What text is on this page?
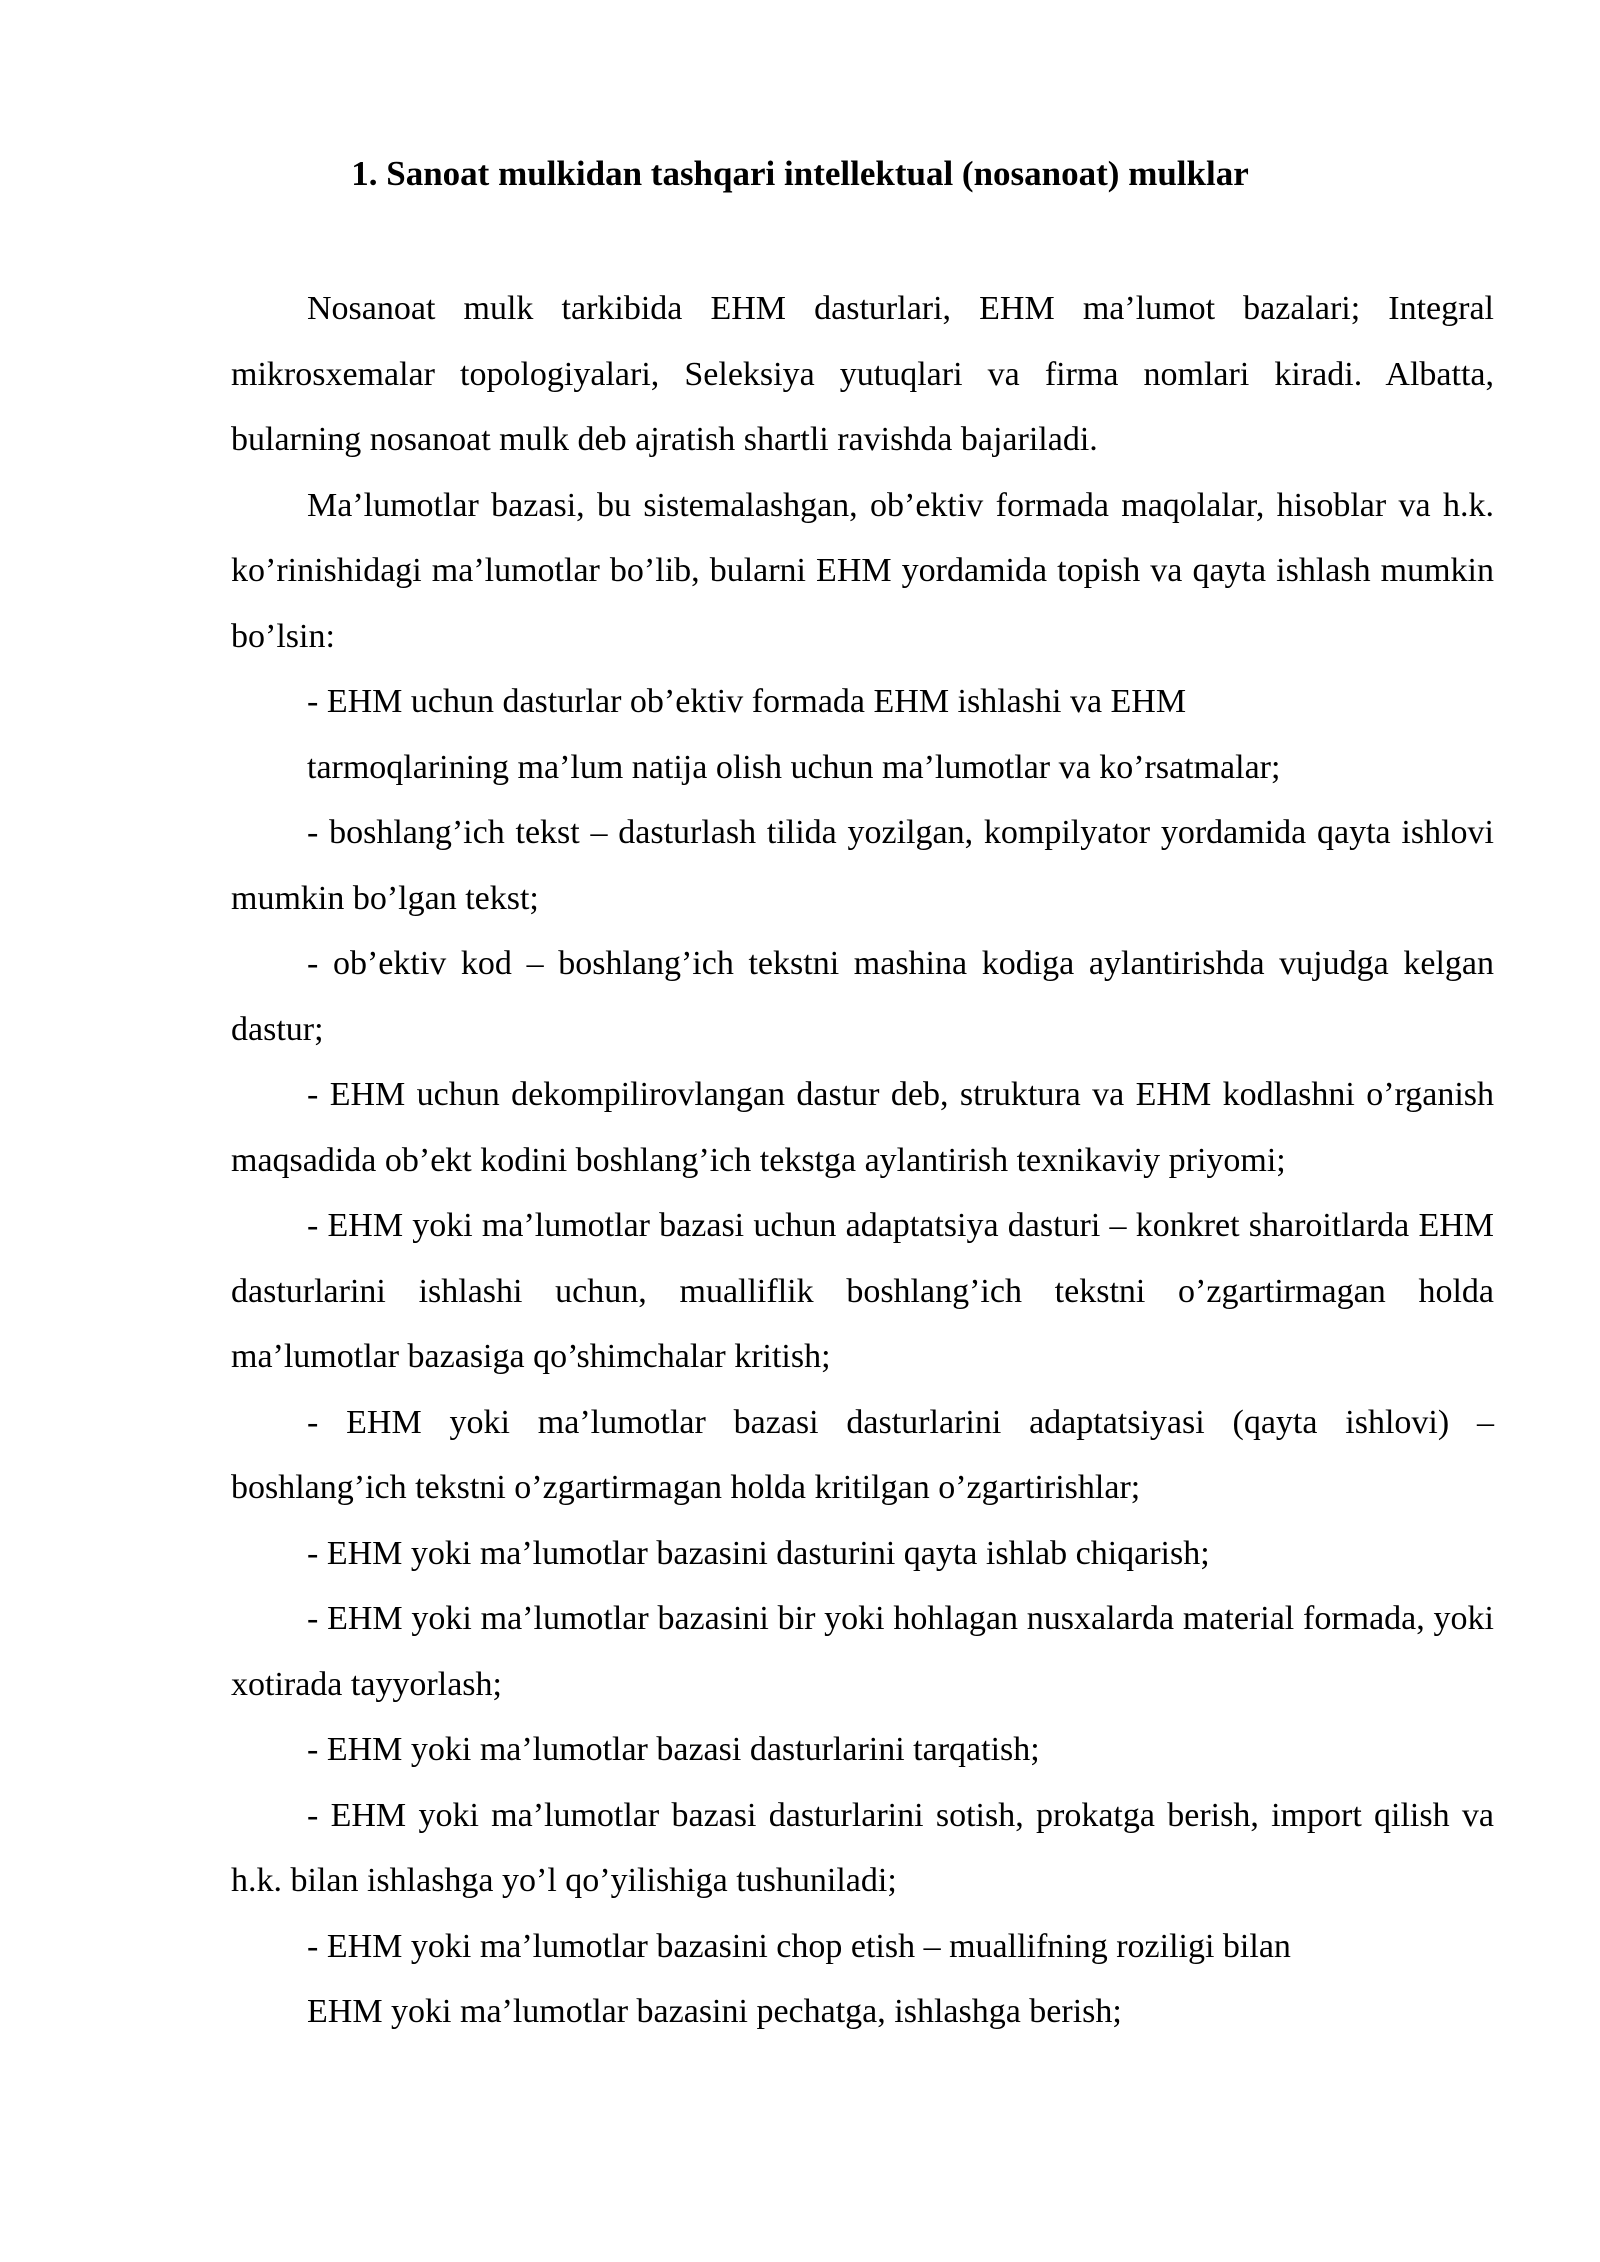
1. Sanoat mulkidan tashqari intellektual (nosanoat) mulklar

Nosanoat mulk tarkibida EHM dasturlari, EHM ma’lumot bazalari; Integral mikrosxemalar topologiyalari, Seleksiya yutuqlari va firma nomlari kiradi. Albatta, bularning nosanoat mulk deb ajratish shartli ravishda bajariladi.

Ma’lumotlar bazasi, bu sistemalashgan, ob’ektiv formada maqolalar, hisoblar va h.k. ko’rinishidagi ma’lumotlar bo’lib, bularni EHM yordamida topish va qayta ishlash mumkin bo’lsin:

- EHM uchun dasturlar ob’ektiv formada EHM ishlashi va EHM tarmoqlarining ma’lum natija olish uchun ma’lumotlar va ko’rsatmalar;

- boshlang’ich tekst – dasturlash tilida yozilgan, kompilyator yordamida qayta ishlovi mumkin bo’lgan tekst;

- ob’ektiv kod – boshlang’ich tekstni mashina kodiga aylantirishda vujudga kelgan dastur;

- EHM uchun dekompilirovlangan dastur deb, struktura va EHM kodlashni o’rganish maqsadida ob’ekt kodini boshlang’ich tekstga aylantirish texnikaviy priyomi;

- EHM yoki ma’lumotlar bazasi uchun adaptatsiya dasturi – konkret sharoitlarda EHM dasturlarini ishlashi uchun, mualliflik boshlang’ich tekstni o’zgartirmagan holda ma’lumotlar bazasiga qo’shimchalar kritish;

- EHM yoki ma’lumotlar bazasi dasturlarini adaptatsiyasi (qayta ishlovi) – boshlang’ich tekstni o’zgartirmagan holda kritilgan o’zgartirishlar;

- EHM yoki ma’lumotlar bazasini dasturini qayta ishlab chiqarish;

- EHM yoki ma’lumotlar bazasini bir yoki hohlagan nusxalarda material formada, yoki xotirada tayyorlash;

- EHM yoki ma’lumotlar bazasi dasturlarini tarqatish;

- EHM yoki ma’lumotlar bazasi dasturlarini sotish, prokatga berish, import qilish va h.k. bilan ishlashga yo’l qo’yilishiga tushuniladi;

- EHM yoki ma’lumotlar bazasini chop etish – muallifning roziligi bilan EHM yoki ma’lumotlar bazasini pechatga, ishlashga berish;
